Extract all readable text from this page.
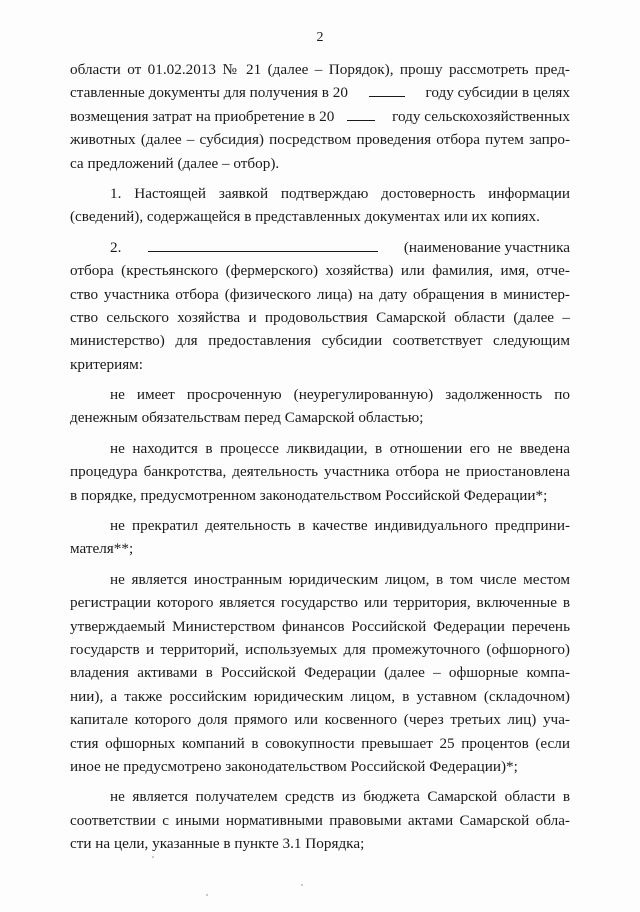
2
области от 01.02.2013 № 21 (далее – Порядок), прошу рассмотреть пред-
ставленные документы для получения в 20	году субсидии в целях
возмещения затрат на приобретение в 20	году сельскохозяйственных
животных (далее – субсидия) посредством проведения отбора путем запро-
са предложений (далее – отбор).
1. Настоящей заявкой подтверждаю достоверность информации
(сведений), содержащейся в представленных документах или их копиях.
2.	(наименование участника
отбора (крестьянского (фермерского) хозяйства) или фамилия, имя, отче-
ство участника отбора (физического лица) на дату обращения в министер-
ство сельского хозяйства и продовольствия Самарской области (далее –
министерство) для предоставления субсидии соответствует следующим
критериям:
не имеет просроченную (неурегулированную) задолженность по
денежным обязательствам перед Самарской областью;
не находится в процессе ликвидации, в отношении его не введена
процедура банкротства, деятельность участника отбора не приостановлена
в порядке, предусмотренном законодательством Российской Федерации*;
не прекратил деятельность в качестве индивидуального предприни-
мателя**;
не является иностранным юридическим лицом, в том числе местом
регистрации которого является государство или территория, включенные в
утверждаемый Министерством финансов Российской Федерации перечень
государств и территорий, используемых для промежуточного (офшорного)
владения активами в Российской Федерации (далее – офшорные компа-
нии), а также российским юридическим лицом, в уставном (складочном)
капитале которого доля прямого или косвенного (через третьих лиц) уча-
стия офшорных компаний в совокупности превышает 25 процентов (если
иное не предусмотрено законодательством Российской Федерации)*;
не является получателем средств из бюджета Самарской области в
соответствии с иными нормативными правовыми актами Самарской обла-
сти на цели, указанные в пункте 3.1 Порядка;
